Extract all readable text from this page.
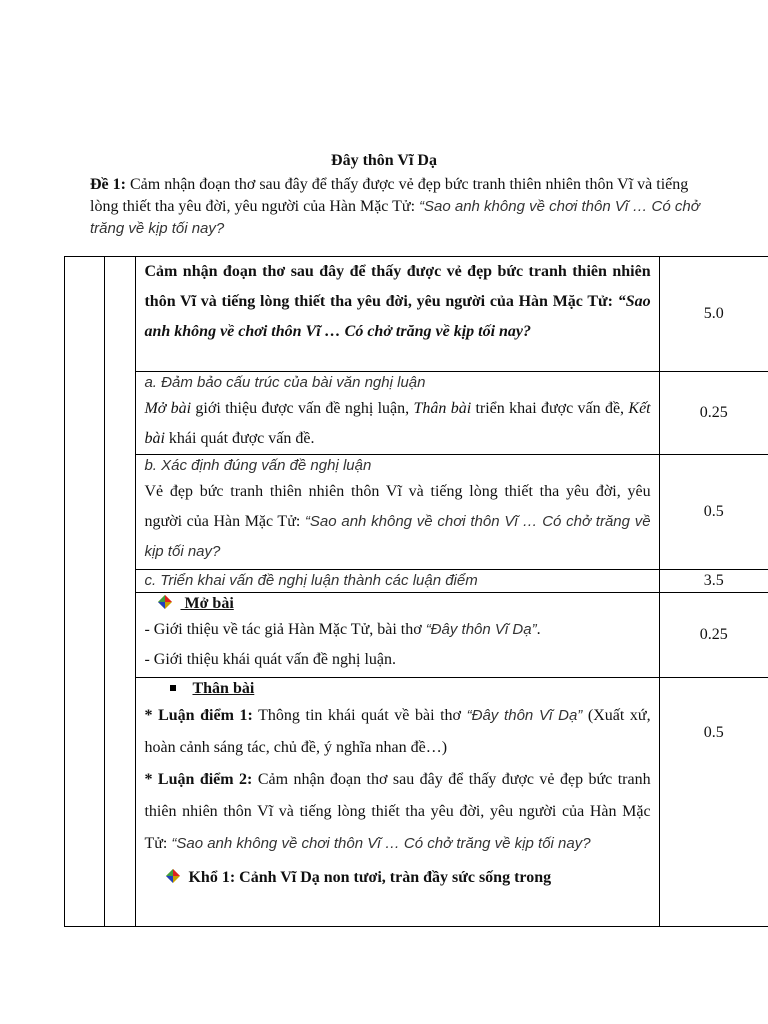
Đây thôn Vĩ Dạ
Đề 1: Cảm nhận đoạn thơ sau đây để thấy được vẻ đẹp bức tranh thiên nhiên thôn Vĩ và tiếng lòng thiết tha yêu đời, yêu người của Hàn Mặc Tử: “Sao anh không về chơi thôn Vĩ … Có chở trăng về kịp tối nay?
		Cảm nhận đoạn thơ sau đây để thấy được vẻ đẹp bức tranh thiên nhiên thôn Vĩ và tiếng lòng thiết tha yêu đời, yêu người của Hàn Mặc Tử: “Sao anh không về chơi thôn Vĩ … Có chở trăng về kịp tối nay?	5.0

		a. Đảm bảo cấu trúc của bài văn nghị luận
Mở bài giới thiệu được vấn đề nghị luận, Thân bài triển khai được vấn đề, Kết bài khái quát được vấn đề.	0.25

		b. Xác định đúng vấn đề nghị luận
Vẻ đẹp bức tranh thiên nhiên thôn Vĩ và tiếng lòng thiết tha yêu đời, yêu người của Hàn Mặc Tử: “Sao anh không về chơi thôn Vĩ … Có chở trăng về kịp tối nay?	0.5
		c. Triển khai vấn đề nghị luận thành các luận điểm	3.5

Mở bài
- Giới thiệu về tác giả Hàn Mặc Tử, bài thơ “Đây thôn Vĩ Dạ”.
- Giới thiệu khái quát vấn đề nghị luận.	0.25

		Thân bài
* Luận điểm 1: Thông tin khái quát về bài thơ “Đây thôn Vĩ Dạ” (Xuất xứ, hoàn cảnh sáng tác, chủ đề, ý nghĩa nhan đề…)
* Luận điểm 2: Cảm nhận đoạn thơ sau đây để thấy được vẻ đẹp bức tranh thiên nhiên thôn Vĩ và tiếng lòng thiết tha yêu đời, yêu người của Hàn Mặc Tử: “Sao anh không về chơi thôn Vĩ … Có chở trăng về kịp tối nay?
Khổ 1: Cảnh Vĩ Dạ non tươi, tràn đầy sức sống trong	0.5
